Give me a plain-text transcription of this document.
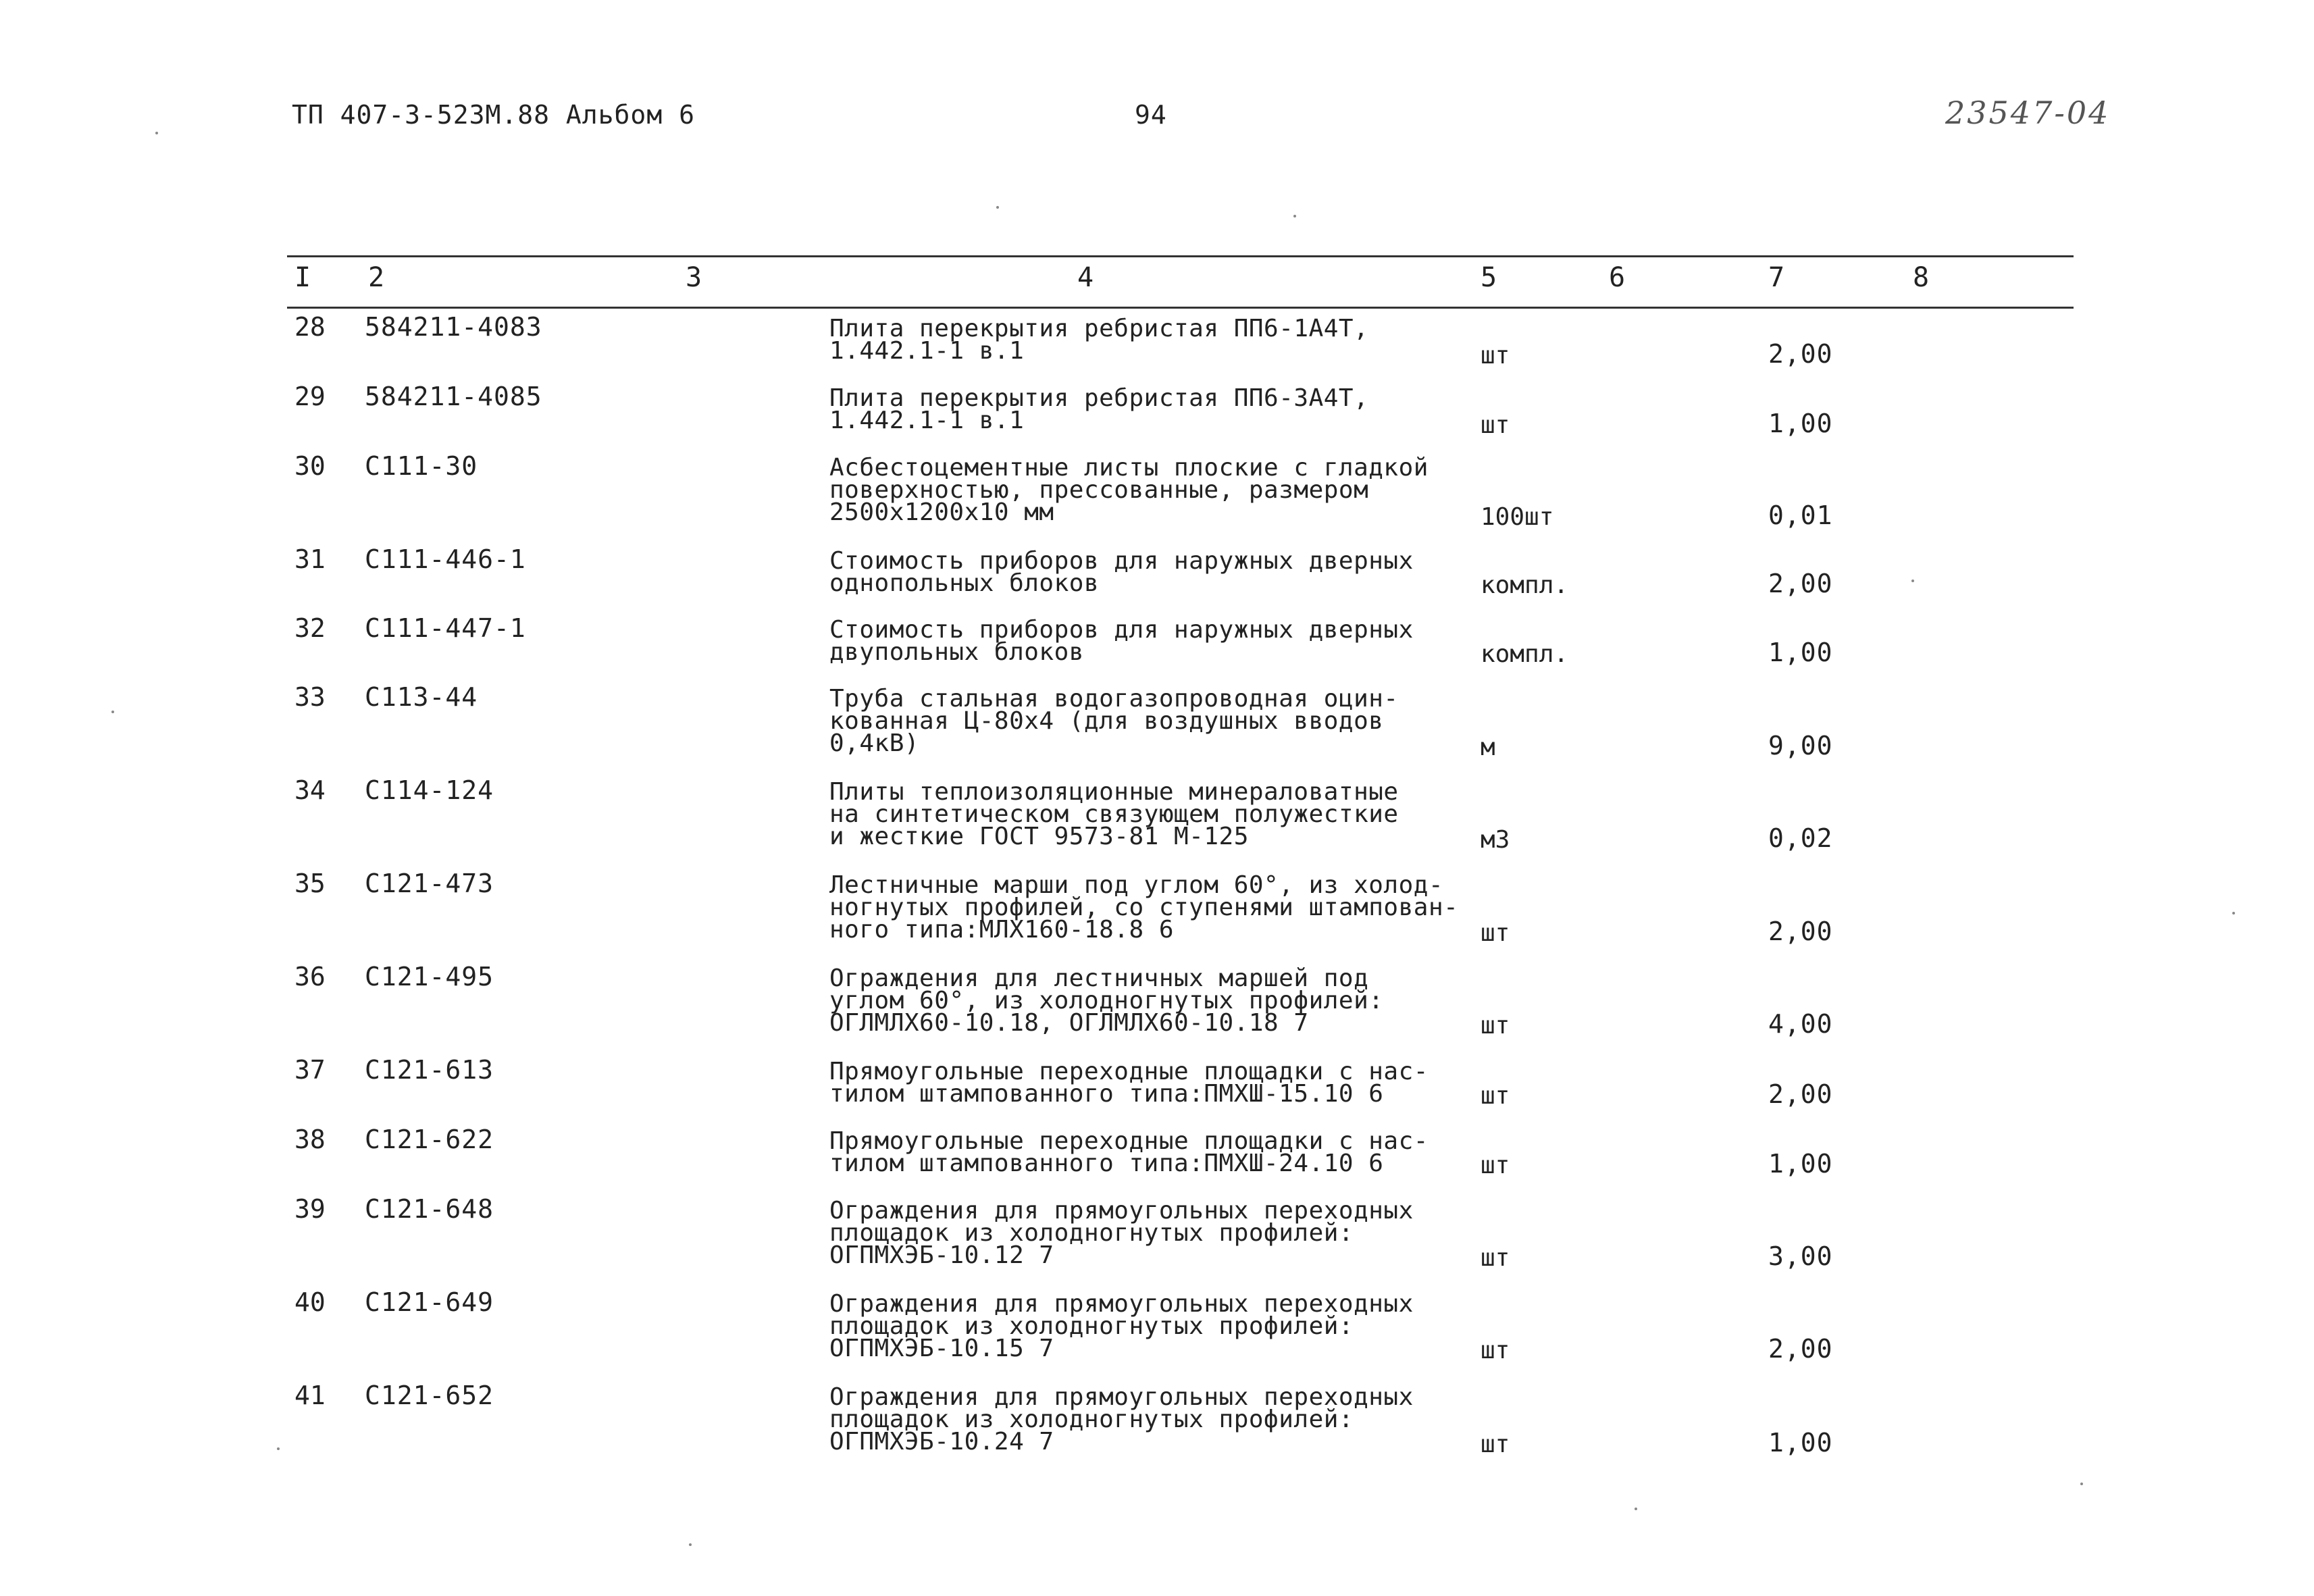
ТП 407-3-523М.88 Альбом 6	94	23547-04
I 2	3	4	5	6	7	8
28 584211-4083	Плита перекрытия ребристая ПП6-1А4Т,
1.442.1-1 в.1	шт	2,00
29 584211-4085	Плита перекрытия ребристая ПП6-3А4Т,
1.442.1-1 в.1	шт	1,00
30 С111-30	Асбестоцементные листы плоские с гладкой
поверхностью, прессованные, размером
2500х1200х10 мм	100шт	0,01
31 С111-446-1	Стоимость приборов для наружных дверных
однопольных блоков	компл.	2,00
32 С111-447-1	Стоимость приборов для наружных дверных
двупольных блоков	компл.	1,00
33 С113-44	Труба стальная водогазопроводная оцин-
кованная Ц-80х4 (для воздушных вводов
0,4кВ)	м	9,00
34 С114-124	Плиты теплоизоляционные минераловатные
на синтетическом связующем полужесткие
и жесткие ГОСТ 9573-81 М-125	м3	0,02
35 С121-473	Лестничные марши под углом 60°, из холод-
ногнутых профилей, со ступенями штампован-
ного типа:МЛХ160-18.8 6	шт	2,00
36 С121-495	Ограждения для лестничных маршей под
углом 60°, из холодногнутых профилей:
ОГЛМЛХ60-10.18, ОГЛМЛХ60-10.18 7	шт	4,00
37 С121-613	Прямоугольные переходные площадки с нас-
тилом штампованного типа:ПМХШ-15.10 6	шт	2,00
38 С121-622	Прямоугольные переходные площадки с нас-
тилом штампованного типа:ПМХШ-24.10 6	шт	1,00
39 С121-648	Ограждения для прямоугольных переходных
площадок из холодногнутых профилей:
ОГПМХЭБ-10.12 7	шт	3,00
40 С121-649	Ограждения для прямоугольных переходных
площадок из холодногнутых профилей:
ОГПМХЭБ-10.15 7	шт	2,00
41 С121-652	Ограждения для прямоугольных переходных
площадок из холодногнутых профилей:
ОГПМХЭБ-10.24 7	шт	1,00
